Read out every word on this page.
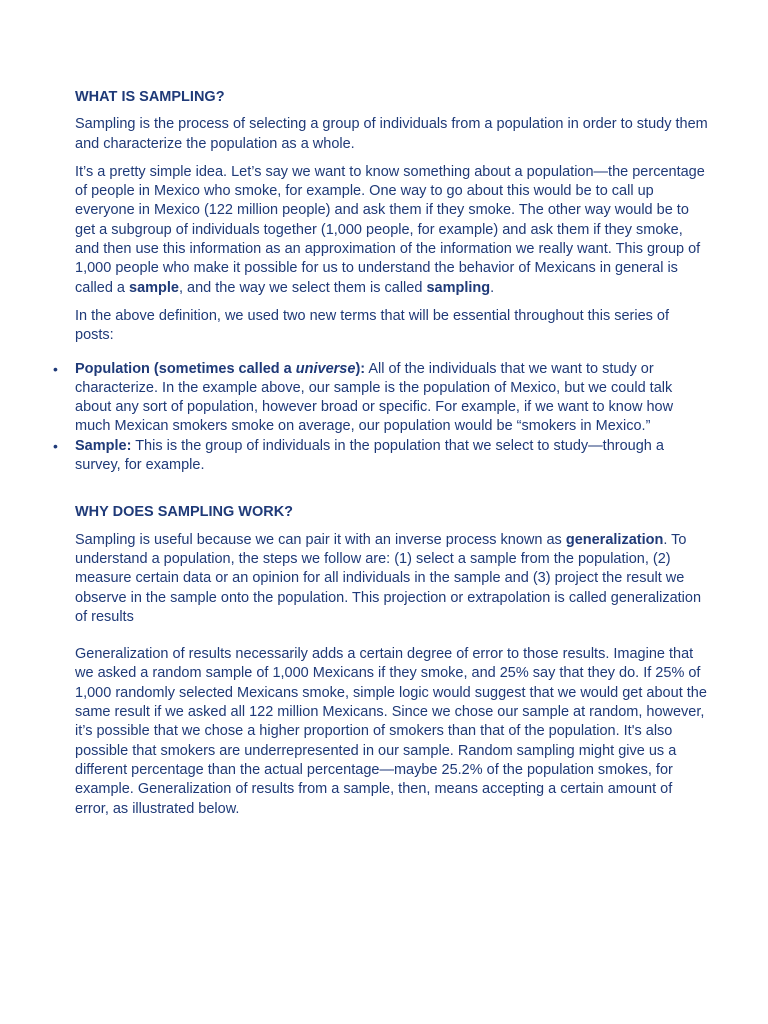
WHAT IS SAMPLING?

Sampling is the process of selecting a group of individuals from a population in order to study them and characterize the population as a whole.

It’s a pretty simple idea. Let’s say we want to know something about a population—the percentage of people in Mexico who smoke, for example. One way to go about this would be to call up everyone in Mexico (122 million people) and ask them if they smoke. The other way would be to get a subgroup of individuals together (1,000 people, for example) and ask them if they smoke, and then use this information as an approximation of the information we really want. This group of 1,000 people who make it possible for us to understand the behavior of Mexicans in general is called a sample, and the way we select them is called sampling.

In the above definition, we used two new terms that will be essential throughout this series of posts:

• Population (sometimes called a universe): All of the individuals that we want to study or characterize. In the example above, our sample is the population of Mexico, but we could talk about any sort of population, however broad or specific. For example, if we want to know how much Mexican smokers smoke on average, our population would be “smokers in Mexico.”
• Sample: This is the group of individuals in the population that we select to study—through a survey, for example.
WHY DOES SAMPLING WORK?

Sampling is useful because we can pair it with an inverse process known as generalization. To understand a population, the steps we follow are: (1) select a sample from the population, (2) measure certain data or an opinion for all individuals in the sample and (3) project the result we observe in the sample onto the population. This projection or extrapolation is called generalization of results

Generalization of results necessarily adds a certain degree of error to those results. Imagine that we asked a random sample of 1,000 Mexicans if they smoke, and 25% say that they do. If 25% of 1,000 randomly selected Mexicans smoke, simple logic would suggest that we would get about the same result if we asked all 122 million Mexicans. Since we chose our sample at random, however, it’s possible that we chose a higher proportion of smokers than that of the population. It's also possible that smokers are underrepresented in our sample. Random sampling might give us a different percentage than the actual percentage—maybe 25.2% of the population smokes, for example. Generalization of results from a sample, then, means accepting a certain amount of error, as illustrated below.
